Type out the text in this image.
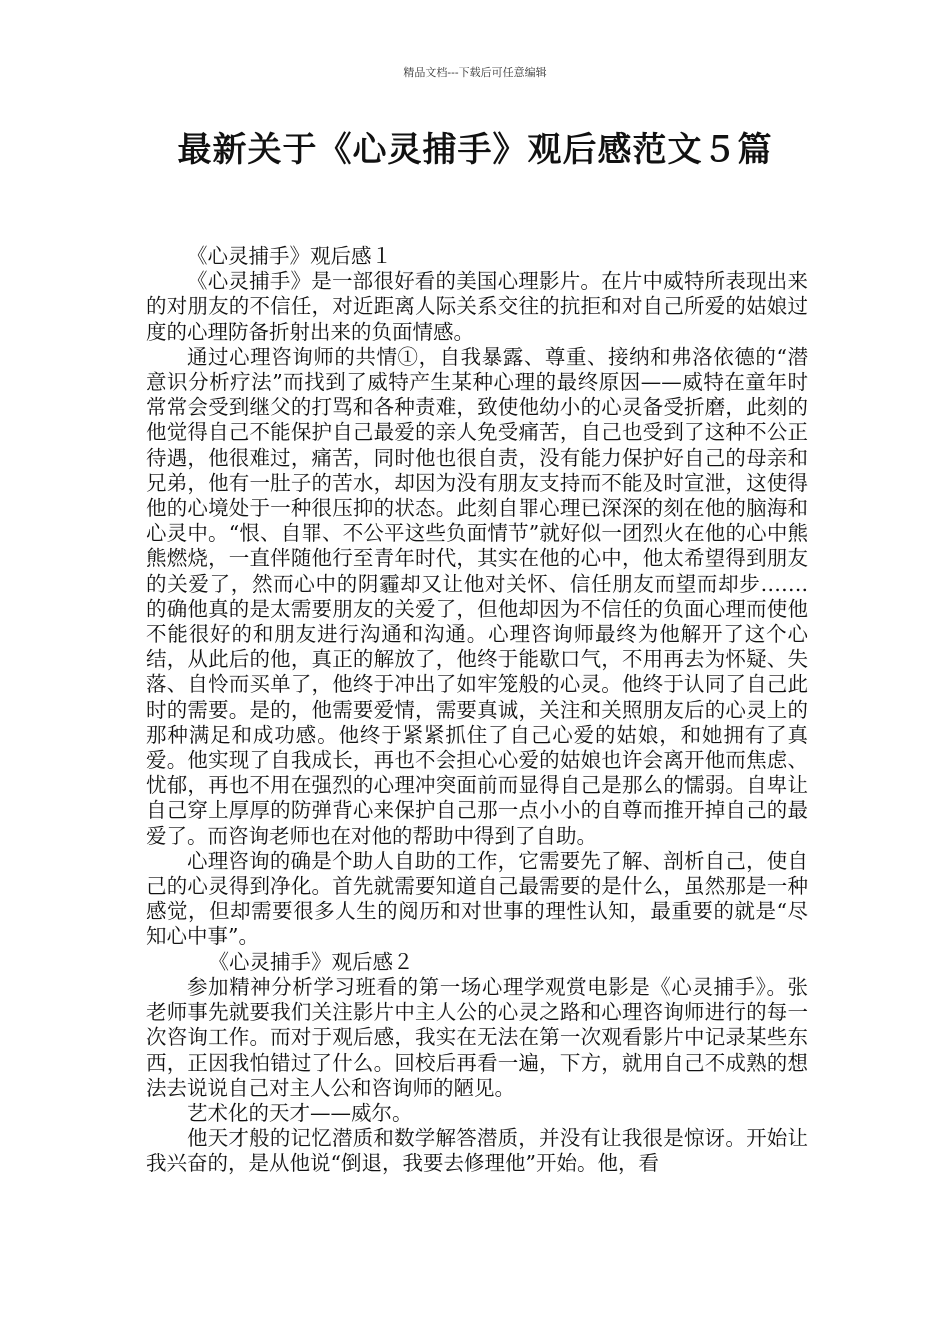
精品文档---下载后可任意编辑
最新关于《心灵捕手》观后感范文５篇

《心灵捕手》观后感１

《心灵捕手》是一部很好看的美国心理影片。在片中威特所表现出来的对朋友的不信任，对近距离人际关系交往的抗拒和对自己所爱的姑娘过度的心理防备折射出来的负面情感。

通过心理咨询师的共情①，自我暴露、尊重、接纳和弗洛依德的“潜意识分析疗法”而找到了威特产生某种心理的最终原因——威特在童年时常常会受到继父的打骂和各种责难，致使他幼小的心灵备受折磨，此刻的他觉得自己不能保护自己最爱的亲人免受痛苦，自己也受到了这种不公正待遇，他很难过，痛苦，同时他也很自责，没有能力保护好自己的母亲和兄弟，他有一肚子的苦水，却因为没有朋友支持而不能及时宣泄，这使得他的心境处于一种很压抑的状态。此刻自罪心理已深深的刻在他的脑海和心灵中。“恨、自罪、不公平这些负面情节”就好似一团烈火在他的心中熊熊燃烧，一直伴随他行至青年时代，其实在他的心中，他太希望得到朋友的关爱了，然而心中的阴霾却又让他对关怀、信任朋友而望而却步…….的确他真的是太需要朋友的关爱了，但他却因为不信任的负面心理而使他不能很好的和朋友进行沟通和沟通。心理咨询师最终为他解开了这个心结，从此后的他，真正的解放了，他终于能歇口气，不用再去为怀疑、失落、自怜而买单了，他终于冲出了如牢笼般的心灵。他终于认同了自己此时的需要。是的，他需要爱情，需要真诚，关注和关照朋友后的心灵上的那种满足和成功感。他终于紧紧抓住了自己心爱的姑娘，和她拥有了真爱。他实现了自我成长，再也不会担心心爱的姑娘也许会离开他而焦虑、忧郁，再也不用在强烈的心理冲突面前而显得自己是那么的懦弱。自卑让自己穿上厚厚的防弹背心来保护自己那一点小小的自尊而推开掉自己的最爱了。而咨询老师也在对他的帮助中得到了自助。

心理咨询的确是个助人自助的工作，它需要先了解、剖析自己，使自己的心灵得到净化。首先就需要知道自己最需要的是什么，虽然那是一种感觉，但却需要很多人生的阅历和对世事的理性认知，最重要的就是“尽知心中事”。

《心灵捕手》观后感２

参加精神分析学习班看的第一场心理学观赏电影是《心灵捕手》。张老师事先就要我们关注影片中主人公的心灵之路和心理咨询师进行的每一次咨询工作。而对于观后感，我实在无法在第一次观看影片中记录某些东西，正因我怕错过了什么。回校后再看一遍，下方，就用自己不成熟的想法去说说自己对主人公和咨询师的陋见。

艺术化的天才——威尔。

他天才般的记忆潜质和数学解答潜质，并没有让我很是惊讶。开始让我兴奋的，是从他说“倒退，我要去修理他”开始。他，看
